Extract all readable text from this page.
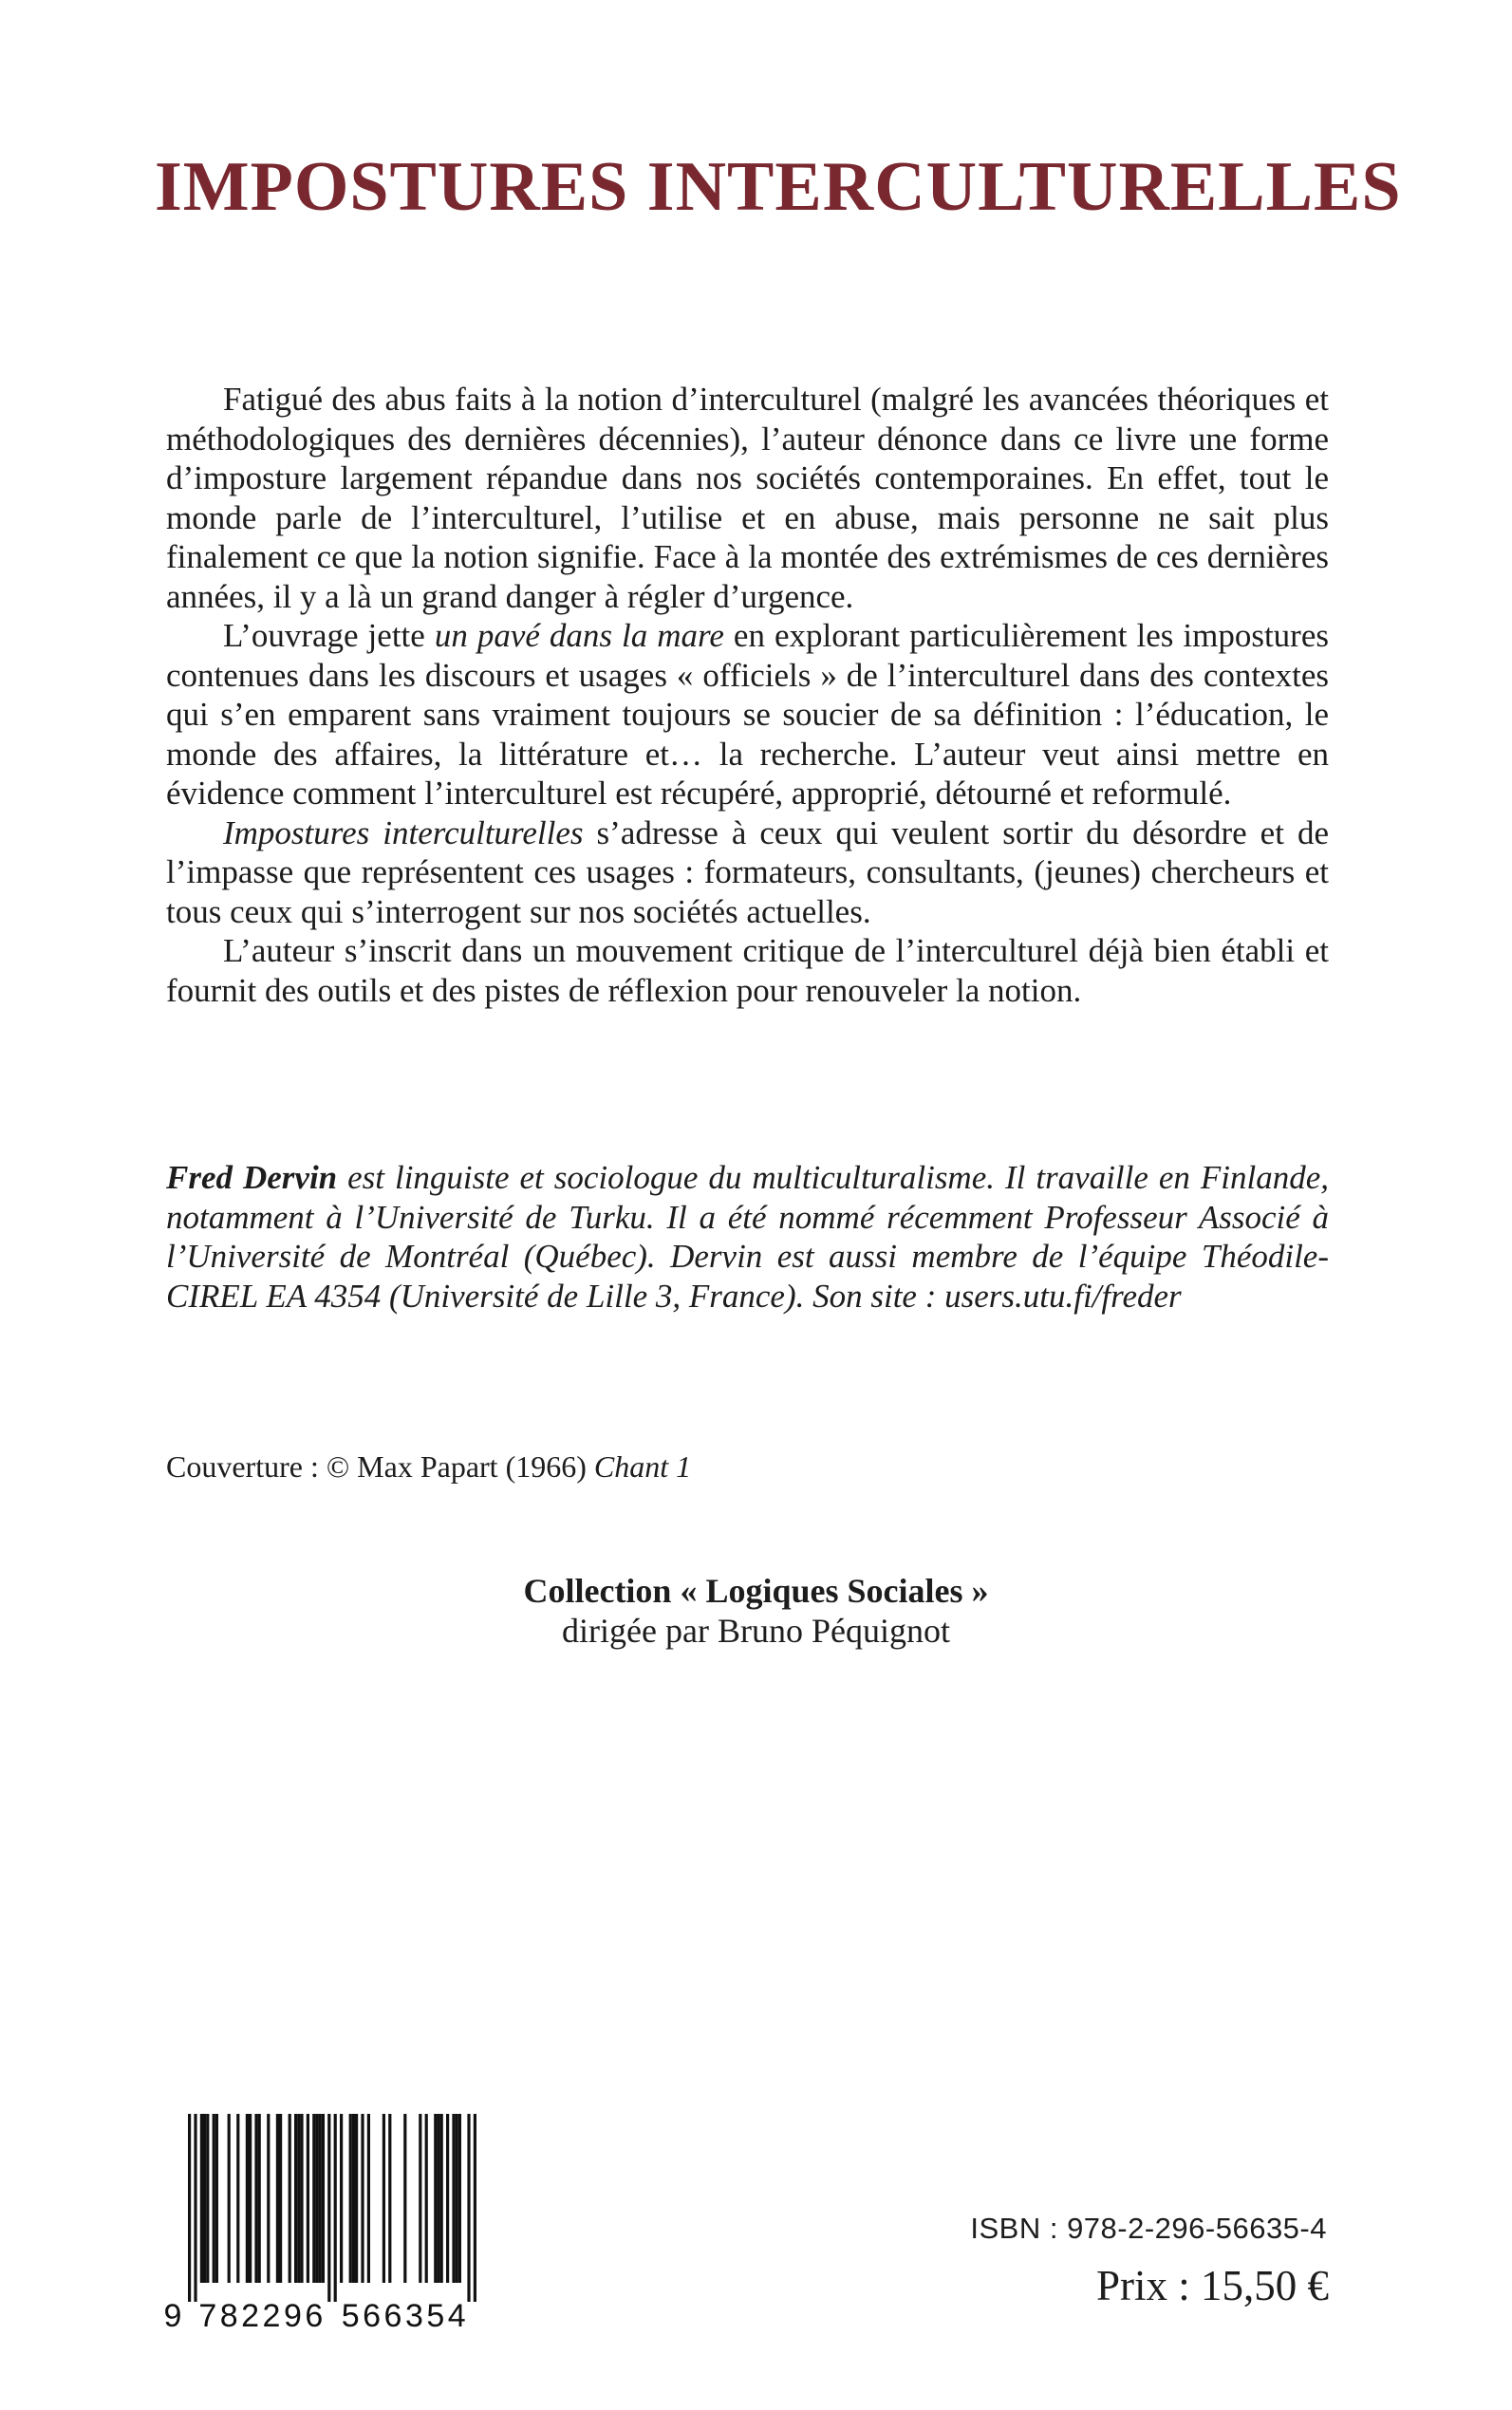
IMPOSTURES INTERCULTURELLES

Fatigué des abus faits à la notion d’interculturel (malgré les avancées théoriques et méthodologiques des dernières décennies), l’auteur dénonce dans ce livre une forme d’imposture largement répandue dans nos sociétés contemporaines. En effet, tout le monde parle de l’interculturel, l’utilise et en abuse, mais personne ne sait plus finalement ce que la notion signifie. Face à la montée des extrémismes de ces dernières années, il y a là un grand danger à régler d’urgence.

L’ouvrage jette un pavé dans la mare en explorant particulièrement les impostures contenues dans les discours et usages « officiels » de l’interculturel dans des contextes qui s’en emparent sans vraiment toujours se soucier de sa définition : l’éducation, le monde des affaires, la littérature et… la recherche. L’auteur veut ainsi mettre en évidence comment l’interculturel est récupéré, approprié, détourné et reformulé.

Impostures interculturelles s’adresse à ceux qui veulent sortir du désordre et de l’impasse que représentent ces usages : formateurs, consultants, (jeunes) chercheurs et tous ceux qui s’interrogent sur nos sociétés actuelles.

L’auteur s’inscrit dans un mouvement critique de l’interculturel déjà bien établi et fournit des outils et des pistes de réflexion pour renouveler la notion.

Fred Dervin est linguiste et sociologue du multiculturalisme. Il travaille en Finlande, notamment à l’Université de Turku. Il a été nommé récemment Professeur Associé à l’Université de Montréal (Québec). Dervin est aussi membre de l’équipe Théodile-CIREL EA 4354 (Université de Lille 3, France). Son site : users.utu.fi/freder
Couverture : © Max Papart (1966) Chant 1
Collection « Logiques Sociales »
dirigée par Bruno Péquignot
9 7 8 2 2 9 6 5 6 6 3 5 4
ISBN : 978-2-296-56635-4
Prix : 15,50 €
